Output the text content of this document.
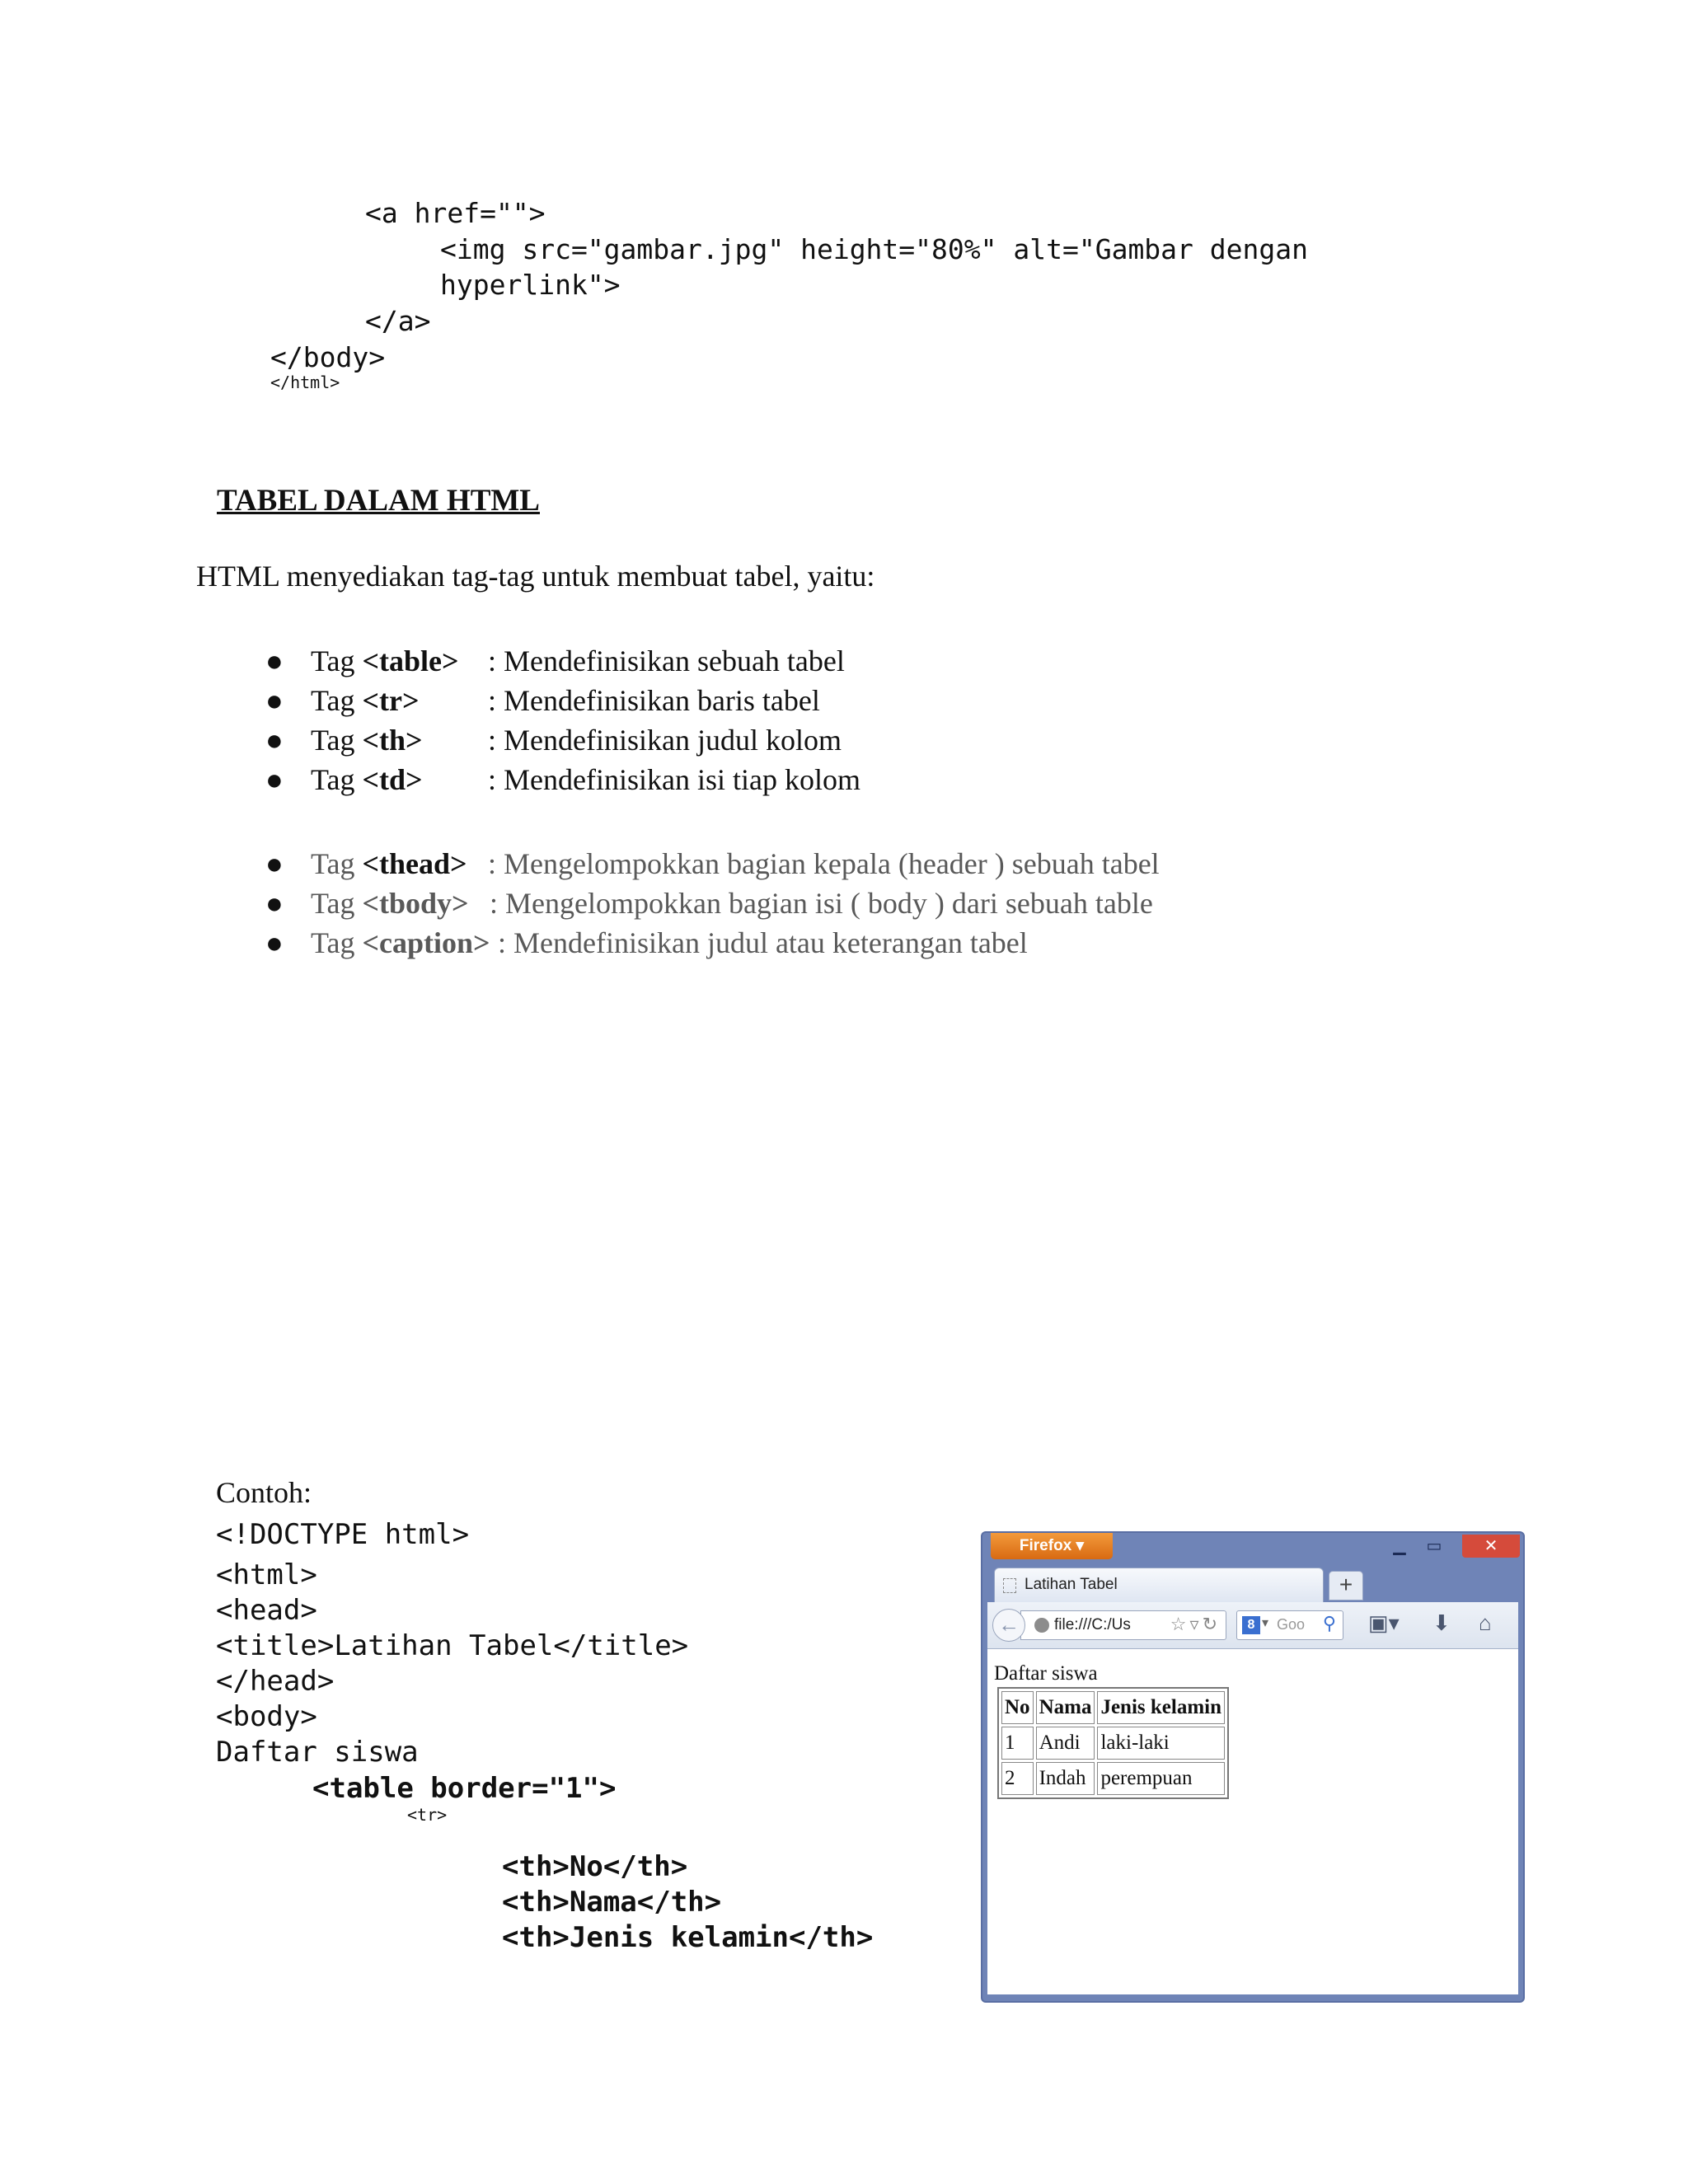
<a href="">
<img src="gambar.jpg" height="80%" alt="Gambar dengan
hyperlink">
</a>
</body>
</html>
TABEL DALAM HTML
HTML menyediakan tag-tag untuk membuat tabel, yaitu:
● Tag <table> : Mendefinisikan sebuah tabel
● Tag <tr> : Mendefinisikan baris tabel
● Tag <th> : Mendefinisikan judul kolom
● Tag <td> : Mendefinisikan isi tiap kolom
● Tag <thead> : Mengelompokkan bagian kepala (header ) sebuah tabel
● Tag <tbody> : Mengelompokkan bagian isi ( body ) dari sebuah table
● Tag <caption> : Mendefinisikan judul atau keterangan tabel
Contoh:
<!DOCTYPE html>
<html>
<head>
<title>Latihan Tabel</title>
</head>
<body>
Daftar siswa
<table border="1">
<tr>
<th>No</th>
<th>Nama</th>
<th>Jenis kelamin</th>
Firefox ▾	▁	▭	✕
Latihan Tabel	+
file:///C:/Us ☆▿↻
←	8 ▾ Goo ⚲ ▣▾ ⬇ ⌂
Daftar siswa
No	Nama	Jenis kelamin
1	Andi	laki-laki
2	Indah	perempuan
